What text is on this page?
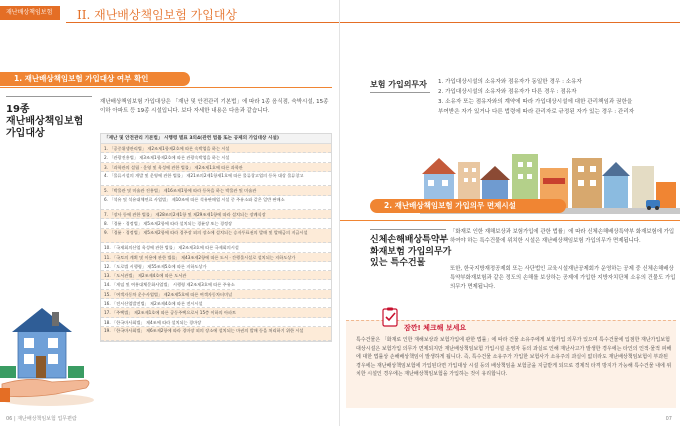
재난배상책임보험	II. 재난배상책임보험 가입대상
1. 재난배상책임보험 가입대상 여부 확인
19종
재난배상책임보험
가입대상
재난배상책임보험 가입대상은 「재난 및 안전관리 기본법」에 따라 1종 음식점, 숙박시설, 15종 이하 아파트 등 19종 시설입니다. 보다 자세한 내용은 다음과 같습니다.
「재난 및 안전관리 기본법」 시행령 별표 3의4(관련 법률 또는 공제의 가입대상 시설)
1. 「공중위생관리법」 제2조제1항제2호에 따른 숙박업을 하는 시설
2. 「관광진흥법」 제3조제1항제2호에 따른 관광숙박업을 하는 시설
3. 「과학관의 설립 · 운영 및 육성에 관한 법률」 제2조제1호에 따른 과학관
4. 「물류시설의 개발 및 운영에 관한 법률」 제21조의2제1항제1호에 따른 물류창고업의 등록 대상 물류창고
5. 「박물관 및 미술관 진흥법」 제16조제1항에 따라 등록을 하는 박물관 및 미술관
6. 「석유 및 석유대체연료 사업법」 제10조에 따른 석유판매업 시설 중 주유소와 같은 일반 판매소
7. 「장사 등에 관한 법률」 제28조의2제1항 및 제29조제1항에 따라 설치되는 장례식장
8. 「경륜 · 경정법」 제5조제2항에 따라 설치되는 경륜장 또는 경정장
9. 「경륜 · 경정법」 제5조제2항에 따라 경주장 외의 장소에 설치되는 승자투표권의 발매 및 발매금의 지급시설
10. 「국제회의산업 육성에 관한 법률」 제2조제3호에 따른 국제회의시설
11. 「국토의 계획 및 이용에 관한 법률」 제43조제2항에 따른 도서 · 간행물시설로 설치되는 지하도상가
12. 「도로법 시행령」 제55조제5호에 따른 지하도상가
13. 「도서관법」 제2조제4호에 따른 도서관
14. 「게임 및 여흥대체문화사업법」 시행령 제2조제3호에 따른 주유소
15. 「여객자동차 운수사업법」 제2조제5호에 따른 여객자동차터미널
16. 「전시산업발전법」 제2조제4호에 따른 전시시설
17. 「주택법」 제2조제1호에 따른 공동주택으로서 15층 이하의 아파트
18. 「한국마사회법」 제4조에 따라 설치되는 경마장
19. 「한국마사회법」 제6조제2항에 따라 경마장 외의 장소에 설치되는 마권의 발매 등을 처리하기 위한 시설
06 | 재난배상책임보험 업무편람
보험 가입의무자 1. 가입대상시설의 소유자와 점유자가 동일한 경우 : 소유자
2. 가입대상시설의 소유자와 점유자가 다른 경우 : 점유자
3. 소유자 또는 점유자와의 계약에 따라 가입대상시설에 대한 관리책임과 권한을
부여받은 자가 있거나 다른 법령에 따라 관리자로 규정된 자가 있는 경우 : 관리자
2. 재난배상책임보험 가입의무 면제시설
신체손해배상특약부
화재보험 가입의무가
있는 특수건물
「화재로 인한 재해보상과 보험가입에 관한 법률」에 따라 신체손해배상특약부 화재보험에 가입하여야 하는 특수건물에 위치한 시설은 재난배상책임보험 가입의무가 면제됩니다.
또한, 한국지방재정공제회 또는 사단법인 교육시설재난공제회가 운영하는 공제 중 신체손해배상특약부화재보험과 같은 정도의 손해를 보상하는 공제에 가입한 지방자치단체 소유의 건물도 가입의무가 면제됩니다.
잠깐! 체크해 보세요
특수건물은 「화재로 인한 재해보상과 보험가입에 관한 법률」에 따라 건물 소유주에게 보험가입 의무가 있으며 특수건물에 입점한 재난가입보험 대상시설은 보험가입 의무가 면제되지만 재난배상책임보험 가입시설 운영자 등의 과실로 인해 재난사고가 발생한 경우에는 타인의 인적·물적 피해에 대한 법률상 손해배상책임이 발생하게 됩니다. 즉, 특수건물 소유주가 가입한 보험사가 소유주의 과실이 없더라도 재난배상책임보험이 부과된 경우에는 재난배상책임보험에 가입된다면 가입대상 시설 등의 배상책임을 보험금을 지급받게 되므로 경제적 타격 방지가 가능해 특수건물 내에 위치한 시설인 경우에는 재난배상책임보험을 가입하는 것이 유리합니다.
07
